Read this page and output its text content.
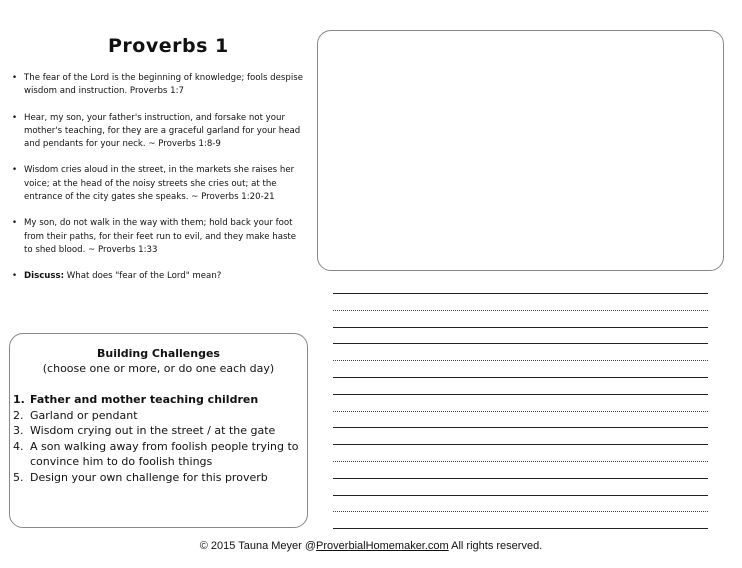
Proverbs 1
• The fear of the Lord is the beginning of knowledge; fools despise wisdom and instruction. Proverbs 1:7
• Hear, my son, your father's instruction, and forsake not your mother's teaching, for they are a graceful garland for your head and pendants for your neck. ~ Proverbs 1:8-9
• Wisdom cries aloud in the street, in the markets she raises her voice; at the head of the noisy streets she cries out; at the entrance of the city gates she speaks. ~ Proverbs 1:20-21
• My son, do not walk in the way with them; hold back your foot from their paths, for their feet run to evil, and they make haste to shed blood. ~ Proverbs 1:33
• Discuss: What does "fear of the Lord" mean?
Building Challenges
(choose one or more, or do one each day)
1. Father and mother teaching children
2. Garland or pendant
3. Wisdom crying out in the street / at the gate
4. A son walking away from foolish people trying to convince him to do foolish things
5. Design your own challenge for this proverb
© 2015 Tauna Meyer @ProverbialHomemaker.com All rights reserved.
